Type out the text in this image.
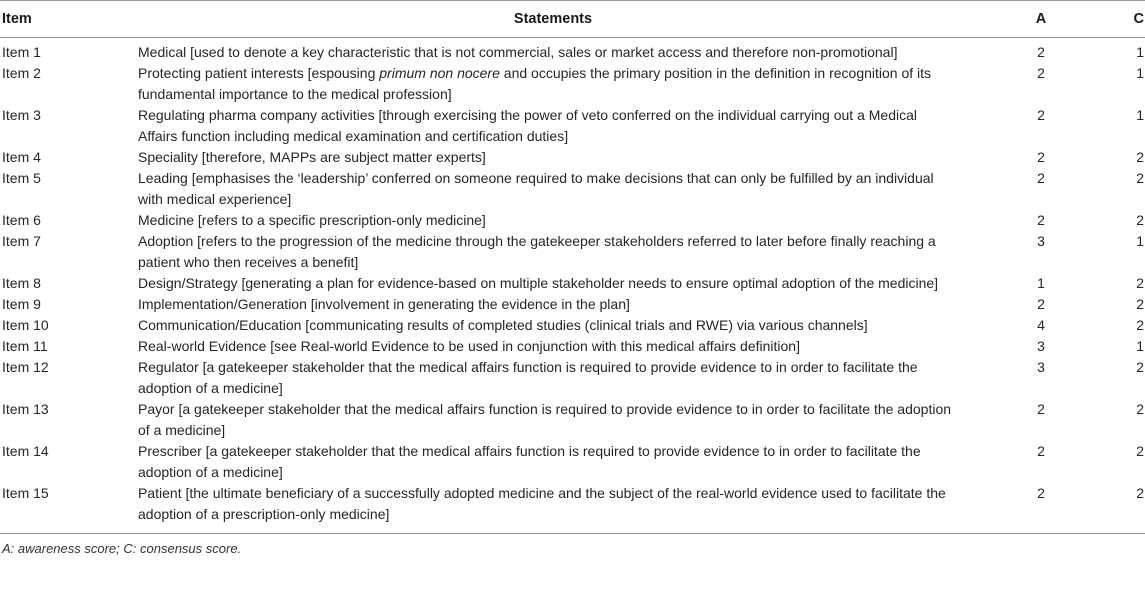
Item	Statements	A	C
Item 1	Medical [used to denote a key characteristic that is not commercial, sales or market access and therefore non-promotional]	2	1
Item 2	Protecting patient interests [espousing primum non nocere and occupies the primary position in the definition in recognition of its fundamental importance to the medical profession]	2	1
Item 3	Regulating pharma company activities [through exercising the power of veto conferred on the individual carrying out a Medical Affairs function including medical examination and certification duties]	2	1
Item 4	Speciality [therefore, MAPPs are subject matter experts]	2	2
Item 5	Leading [emphasises the ‘leadership’ conferred on someone required to make decisions that can only be fulfilled by an individual with medical experience]	2	2
Item 6	Medicine [refers to a specific prescription-only medicine]	2	2
Item 7	Adoption [refers to the progression of the medicine through the gatekeeper stakeholders referred to later before finally reaching a patient who then receives a benefit]	3	1
Item 8	Design/Strategy [generating a plan for evidence-based on multiple stakeholder needs to ensure optimal adoption of the medicine]	1	2
Item 9	Implementation/Generation [involvement in generating the evidence in the plan]	2	2
Item 10	Communication/Education [communicating results of completed studies (clinical trials and RWE) via various channels]	4	2
Item 11	Real-world Evidence [see Real-world Evidence to be used in conjunction with this medical affairs definition]	3	1
Item 12	Regulator [a gatekeeper stakeholder that the medical affairs function is required to provide evidence to in order to facilitate the adoption of a medicine]	3	2
Item 13	Payor [a gatekeeper stakeholder that the medical affairs function is required to provide evidence to in order to facilitate the adoption of a medicine]	2	2
Item 14	Prescriber [a gatekeeper stakeholder that the medical affairs function is required to provide evidence to in order to facilitate the adoption of a medicine]	2	2
Item 15	Patient [the ultimate beneficiary of a successfully adopted medicine and the subject of the real-world evidence used to facilitate the adoption of a prescription-only medicine]	2	2
A: awareness score; C: consensus score.
